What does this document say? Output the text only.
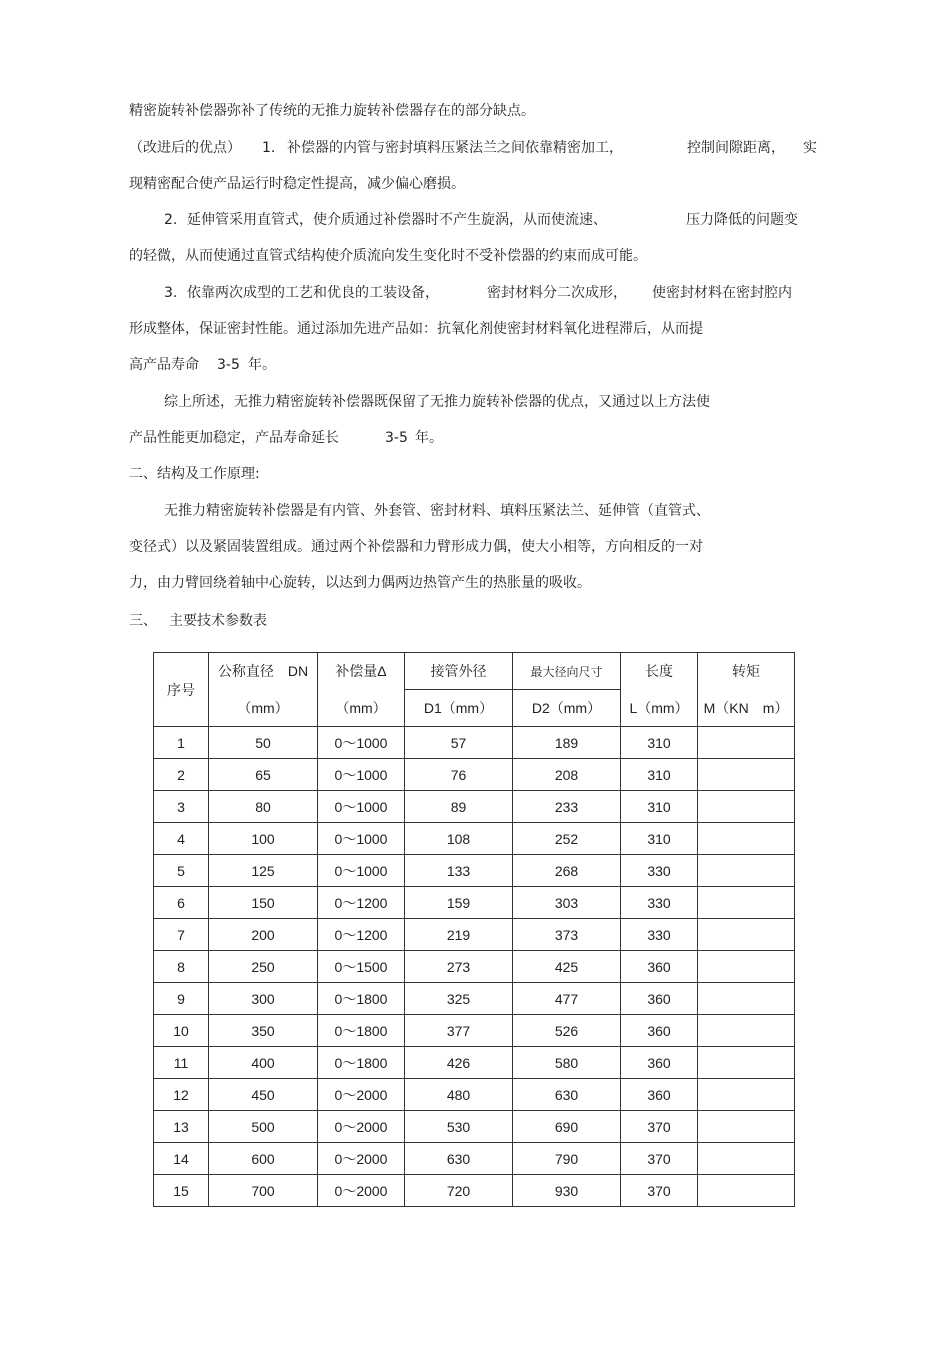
精密旋转补偿器弥补了传统的无推力旋转补偿器存在的部分缺点。
（改进后的优点） 1. 补偿器的内管与密封填料压紧法兰之间依靠精密加工，	控制间隙距离， 实
现精密配合使产品运行时稳定性提高，减少偏心磨损。
2. 延伸管采用直管式，使介质通过补偿器时不产生旋涡，从而使流速、	压力降低的问题变
的轻微，从而使通过直管式结构使介质流向发生变化时不受补偿器的约束而成可能。
3. 依靠两次成型的工艺和优良的工装设备，	密封材料分二次成形， 使密封材料在密封腔内
形成整体，保证密封性能。通过添加先进产品如：抗氧化剂使密封材料氧化进程滞后，从而提
高产品寿命 3-5 年。
综上所述，无推力精密旋转补偿器既保留了无推力旋转补偿器的优点，又通过以上方法使
产品性能更加稳定，产品寿命延长	3-5 年。
二、结构及工作原理:
无推力精密旋转补偿器是有内管、外套管、密封材料、填料压紧法兰、延伸管（直管式、
变径式）以及紧固装置组成。通过两个补偿器和力臂形成力偶，使大小相等，方向相反的一对
力，由力臂回绕着轴中心旋转，以达到力偶两边热管产生的热胀量的吸收。
三、 主要技术参数表
序号	公称直径　DN	补偿量Δ	接管外径	最大径向尺寸	长度	转矩
	（mm）	（mm）	D1（mm）	D2（mm）	L（mm）	M（KN　m）
1	50	0～1000	57	189	310	
2	65	0～1000	76	208	310	
3	80	0～1000	89	233	310	
4	100	0～1000	108	252	310	
5	125	0～1000	133	268	330	
6	150	0～1200	159	303	330	
7	200	0～1200	219	373	330	
8	250	0～1500	273	425	360	
9	300	0～1800	325	477	360	
10	350	0～1800	377	526	360	
11	400	0～1800	426	580	360	
12	450	0～2000	480	630	360	
13	500	0～2000	530	690	370	
14	600	0～2000	630	790	370	
15	700	0～2000	720	930	370	
